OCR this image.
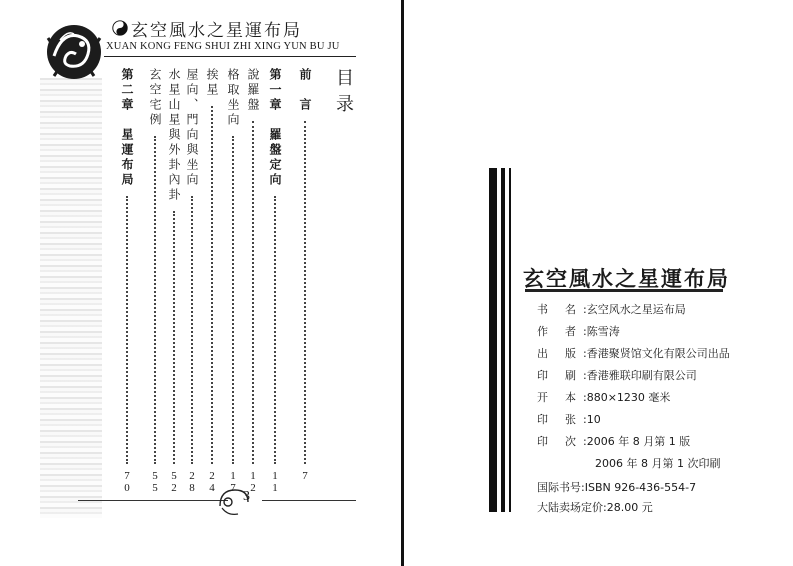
玄空風水之星運布局
XUAN KONG FENG SHUI ZHI XING YUN BU JU
目
录
前　言
7
第一章　羅盤定向
1
1
說羅盤
1
2
格取坐向
1
7
挨星
2
4
屋向、門向與坐向
2
8
水星山星與外卦內卦
5
2
玄空宅例
5
5
第二章　星運布局
7
0
3
玄空風水之星運布局
书 名 :玄空风水之星运布局
作 者 :陈雪涛
出 版 :香港聚贤馆文化有限公司出品
印 刷 :香港雅联印刷有限公司
开 本 :880×1230 毫米
印 张 :10
印 次 :2006 年 8 月第 1 版
2006 年 8 月第 1 次印刷
国际书号:ISBN 926-436-554-7
大陆卖场定价:28.00 元
